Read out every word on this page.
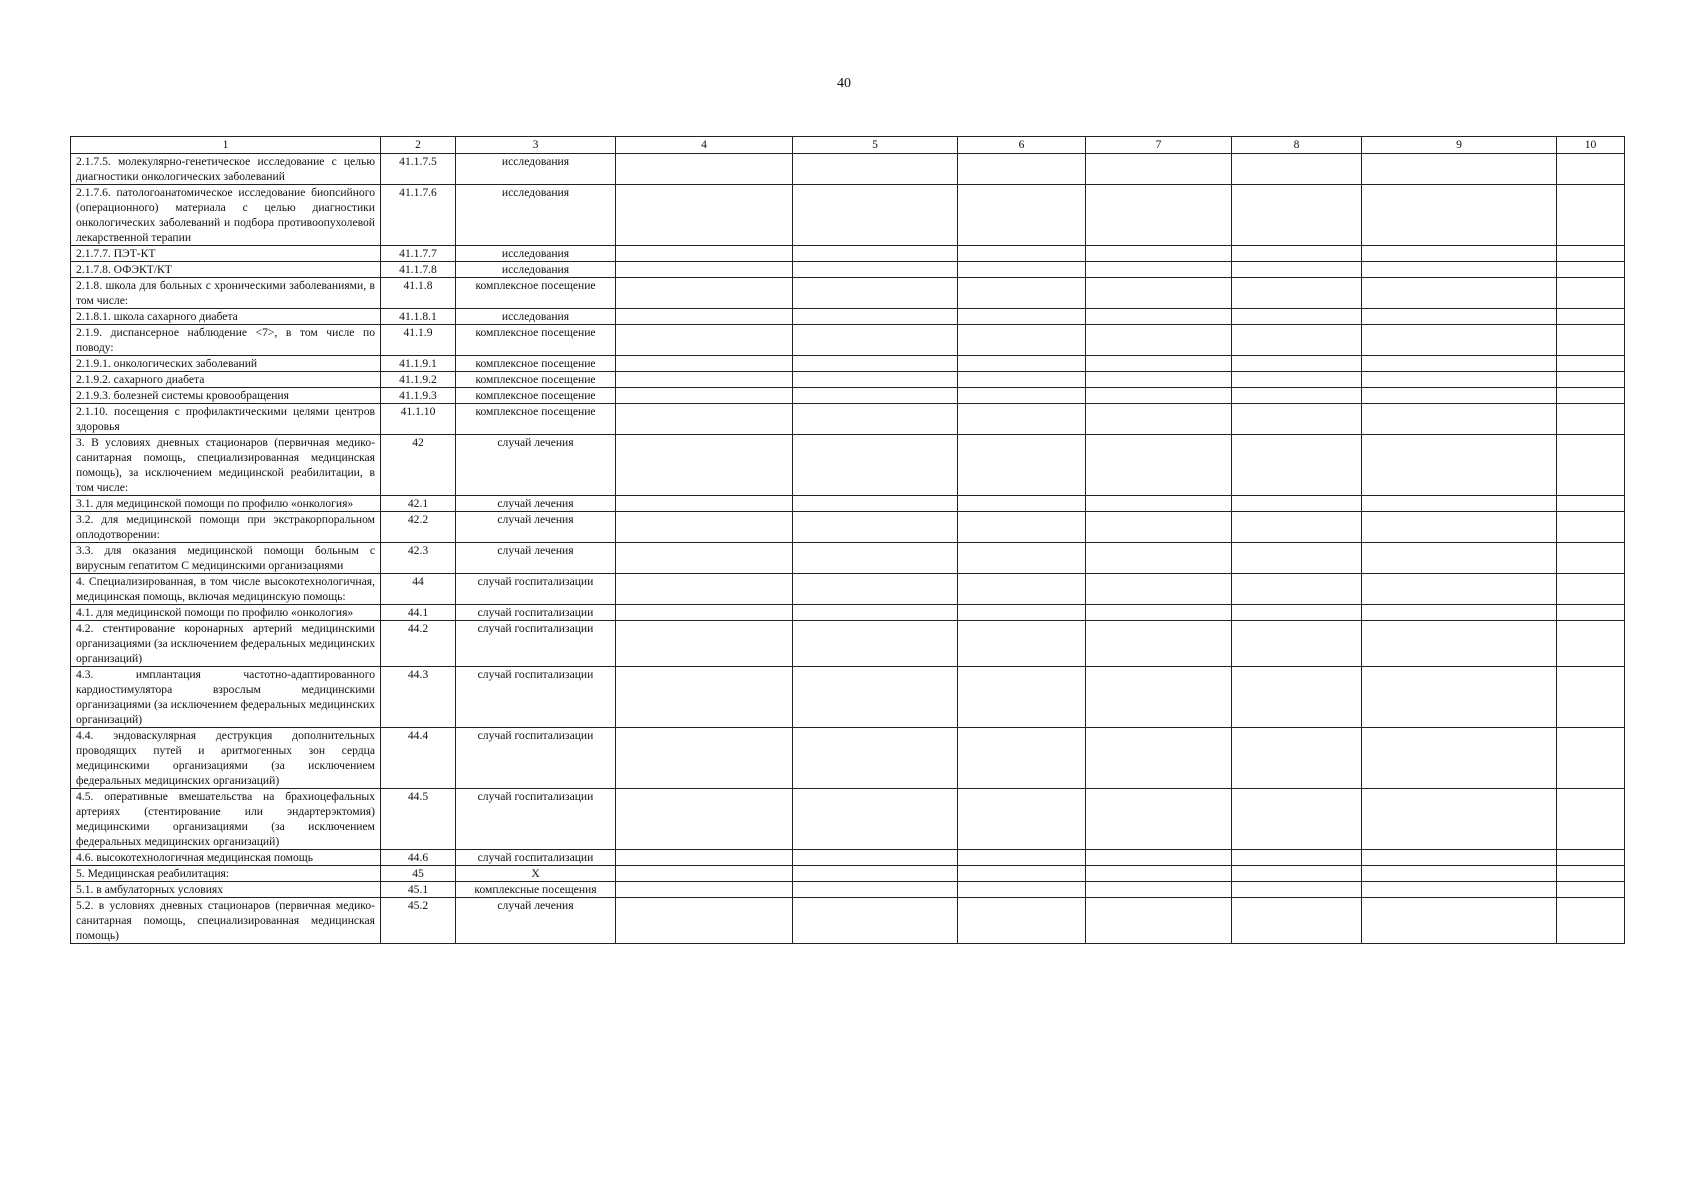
40
1	2	3	4	5	6	7	8	9	10
2.1.7.5. молекулярно-генетическое исследование с целью диагностики онкологических заболеваний	41.1.7.5	исследования							
2.1.7.6. патологоанатомическое исследование биопсийного (операционного) материала с целью диагностики онкологических заболеваний и подбора противоопухолевой лекарственной терапии	41.1.7.6	исследования							
2.1.7.7. ПЭТ-КТ	41.1.7.7	исследования							
2.1.7.8. ОФЭКТ/КТ	41.1.7.8	исследования							
2.1.8. школа для больных с хроническими заболеваниями, в том числе:	41.1.8	комплексное посещение							
2.1.8.1. школа сахарного диабета	41.1.8.1	исследования							
2.1.9. диспансерное наблюдение <7>, в том числе по поводу:	41.1.9	комплексное посещение							
2.1.9.1. онкологических заболеваний	41.1.9.1	комплексное посещение							
2.1.9.2. сахарного диабета	41.1.9.2	комплексное посещение							
2.1.9.3. болезней системы кровообращения	41.1.9.3	комплексное посещение							
2.1.10. посещения с профилактическими целями центров здоровья	41.1.10	комплексное посещение							
3. В условиях дневных стационаров (первичная медико-санитарная помощь, специализированная медицинская помощь), за исключением медицинской реабилитации, в том числе:	42	случай лечения							
3.1. для медицинской помощи по профилю «онкология»	42.1	случай лечения							
3.2. для медицинской помощи при экстракорпоральном оплодотворении:	42.2	случай лечения							
3.3. для оказания медицинской помощи больным с вирусным гепатитом С медицинскими организациями	42.3	случай лечения							
4. Специализированная, в том числе высокотехнологичная, медицинская помощь, включая медицинскую помощь:	44	случай госпитализации							
4.1. для медицинской помощи по профилю «онкология»	44.1	случай госпитализации							
4.2. стентирование коронарных артерий медицинскими организациями (за исключением федеральных медицинских организаций)	44.2	случай госпитализации							
4.3. имплантация частотно-адаптированного кардиостимулятора взрослым медицинскими организациями (за исключением федеральных медицинских организаций)	44.3	случай госпитализации							
4.4. эндоваскулярная деструкция дополнительных проводящих путей и аритмогенных зон сердца медицинскими организациями (за исключением федеральных медицинских организаций)	44.4	случай госпитализации							
4.5. оперативные вмешательства на брахиоцефальных артериях (стентирование или эндартерэктомия) медицинскими организациями (за исключением федеральных медицинских организаций)	44.5	случай госпитализации							
4.6. высокотехнологичная медицинская помощь	44.6	случай госпитализации							
5. Медицинская реабилитация:	45	X							
5.1. в амбулаторных условиях	45.1	комплексные посещения							
5.2. в условиях дневных стационаров (первичная медико-санитарная помощь, специализированная медицинская помощь)	45.2	случай лечения							
